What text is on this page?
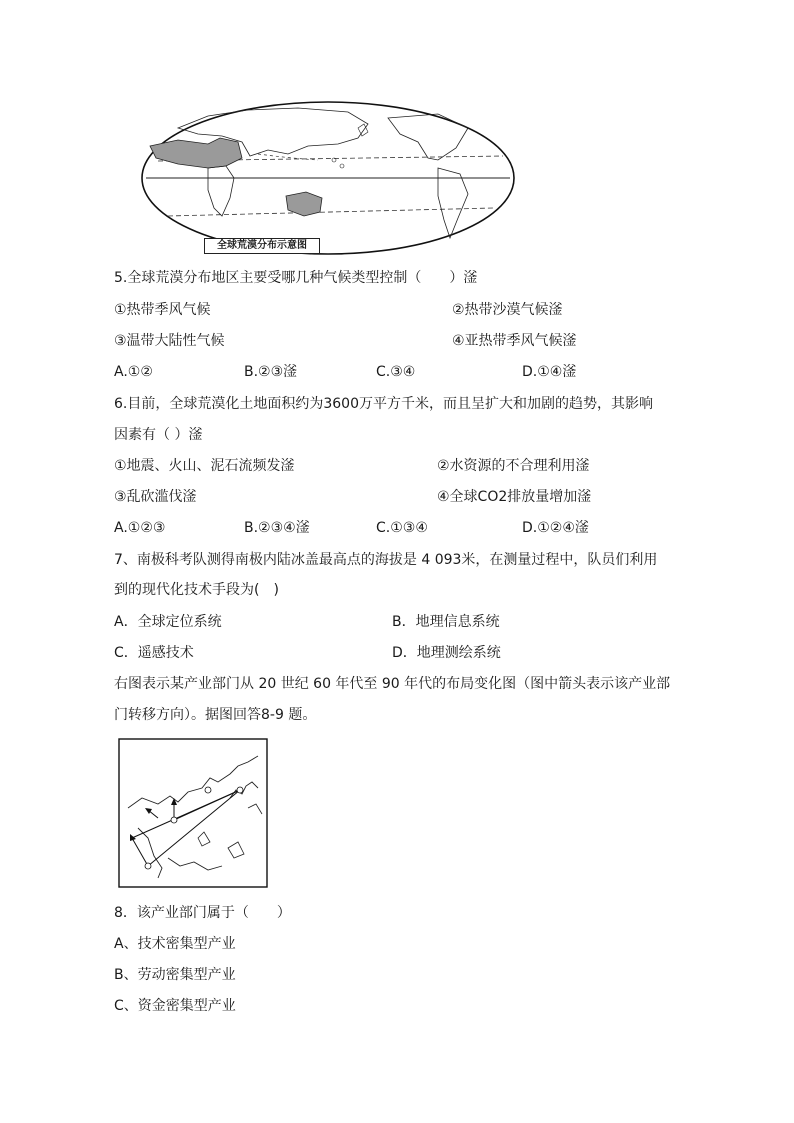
全球荒漠分布示意图
5.全球荒漠分布地区主要受哪几种气候类型控制（　　）滏
①热带季风气候	②热带沙漠气候滏
③温带大陆性气候	④亚热带季风气候滏
A.①②	B.②③滏	C.③④	D.①④滏
6.目前，全球荒漠化土地面积约为3600万平方千米，而且呈扩大和加剧的趋势，其影响
因素有（ ）滏
①地震、火山、泥石流频发滏	②水资源的不合理利用滏
③乱砍滥伐滏	④全球CO2排放量增加滏
A.①②③	B.②③④滏	C.①③④	D.①②④滏
7、南极科考队测得南极内陆冰盖最高点的海拔是 4 093米，在测量过程中，队员们利用
到的现代化技术手段为(　)
A．全球定位系统	B．地理信息系统
C．遥感技术	D．地理测绘系统
右图表示某产业部门从 20 世纪 60 年代至 90 年代的布局变化图（图中箭头表示该产业部
门转移方向）。据图回答8-9 题。
8．该产业部门属于（　　）
A、技术密集型产业
B、劳动密集型产业
C、资金密集型产业
